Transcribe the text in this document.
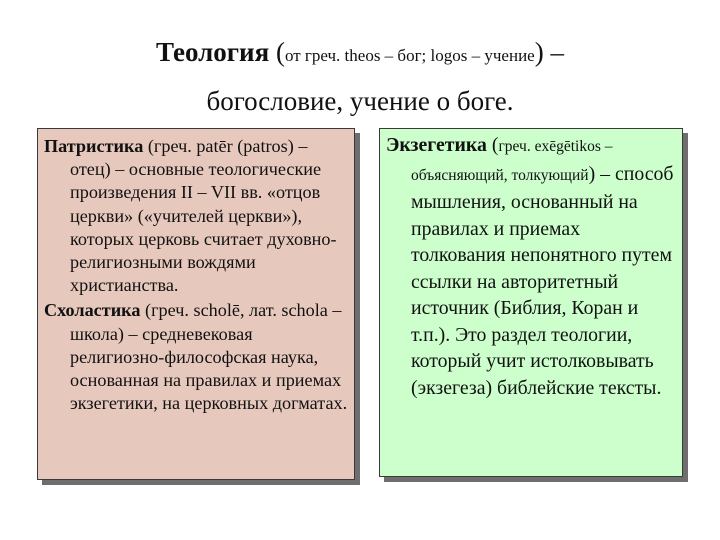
Теология (от греч. theos – бог; logos – учение) –
богословие, учение о боге.

Патристика (греч. patēr (patros) – отец) – основные теологические произведения II – VII вв. «отцов церкви» («учителей церкви»), которых церковь считает духовно-религиозными вождями христианства.

Схоластика (греч. scholē, лат. schola – школа) – средневековая религиозно-философская наука, основанная на правилах и приемах экзегетики, на церковных догматах.

Экзегетика (греч. exēgētikos – объясняющий, толкующий) – способ мышления, основанный на правилах и приемах толкования непонятного путем ссылки на авторитетный источник (Библия, Коран и т.п.). Это раздел теологии, который учит истолковывать (экзегеза) библейские тексты.
